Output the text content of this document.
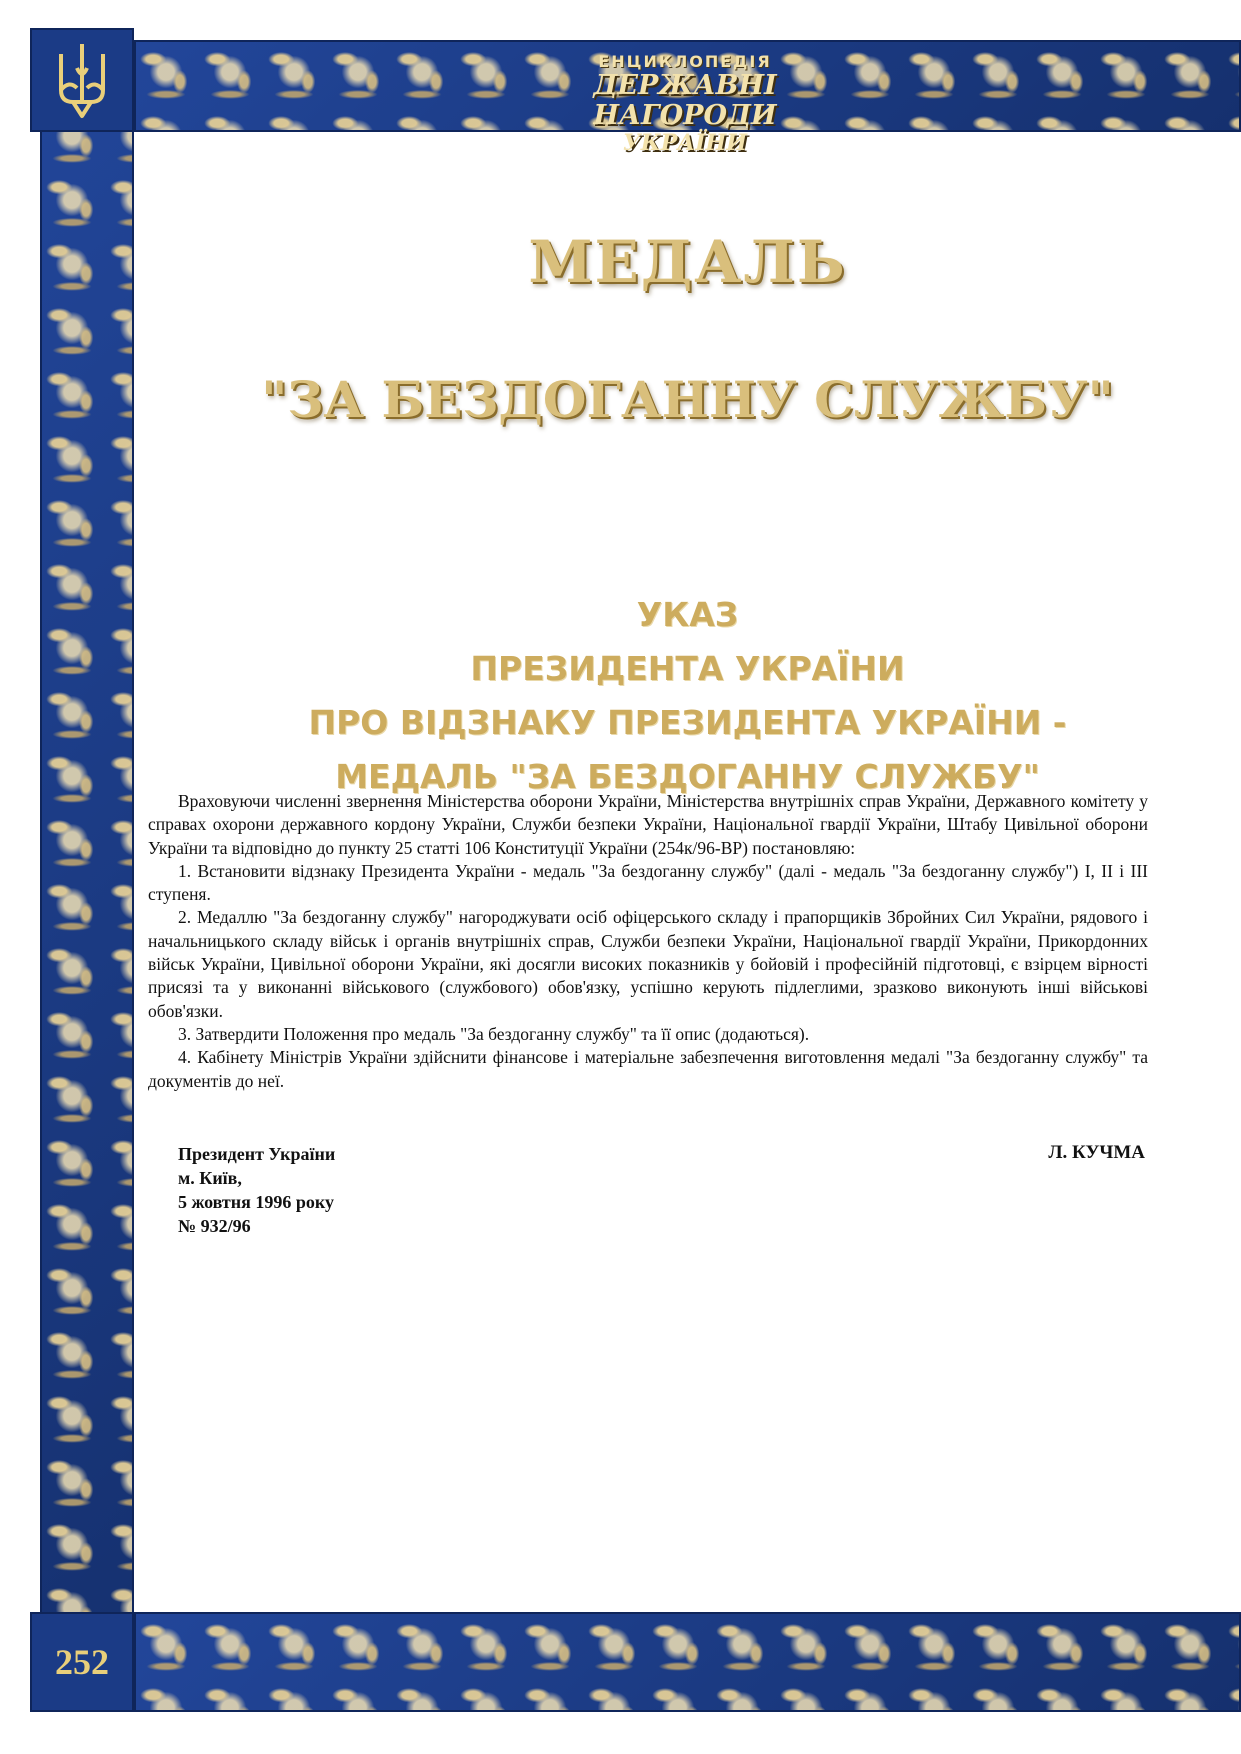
252
ЕНЦИКЛОПЕДІЯ
ДЕРЖАВНІ НАГОРОДИ
УКРАЇНИ
МЕДАЛЬ
"ЗА БЕЗДОГАННУ СЛУЖБУ"
УКАЗ
ПРЕЗИДЕНТА УКРАЇНИ
ПРО ВІДЗНАКУ ПРЕЗИДЕНТА УКРАЇНИ -
МЕДАЛЬ "ЗА БЕЗДОГАННУ СЛУЖБУ"

Враховуючи численні звернення Міністерства оборони України, Міністерства внутрішніх справ України, Державного комітету у справах охорони державного кордону України, Служби безпеки України, Національної гвардії України, Штабу Цивільної оборони України та відповідно до пункту 25 статті 106 Конституції України (254к/96-ВР) постановляю:

1. Встановити відзнаку Президента України - медаль "За бездоганну службу" (далі - медаль "За бездоганну службу") I, II і III ступеня.

2. Медаллю "За бездоганну службу" нагороджувати осіб офіцерського складу і прапорщиків Збройних Сил України, рядового і начальницького складу військ і органів внутрішніх справ, Служби безпеки України, Національної гвардії України, Прикордонних військ України, Цивільної оборони України, які досягли високих показників у бойовій і професійній підготовці, є взірцем вірності присязі та у виконанні військового (службового) обов'язку, успішно керують підлеглими, зразково виконують інші військові обов'язки.

3. Затвердити Положення про медаль "За бездоганну службу" та її опис (додаються).

4. Кабінету Міністрів України здійснити фінансове і матеріальне забезпечення виготовлення медалі "За бездоганну службу" та документів до неї.

Президент України
м. Київ,
5 жовтня 1996 року
№ 932/96
Л. КУЧМА
